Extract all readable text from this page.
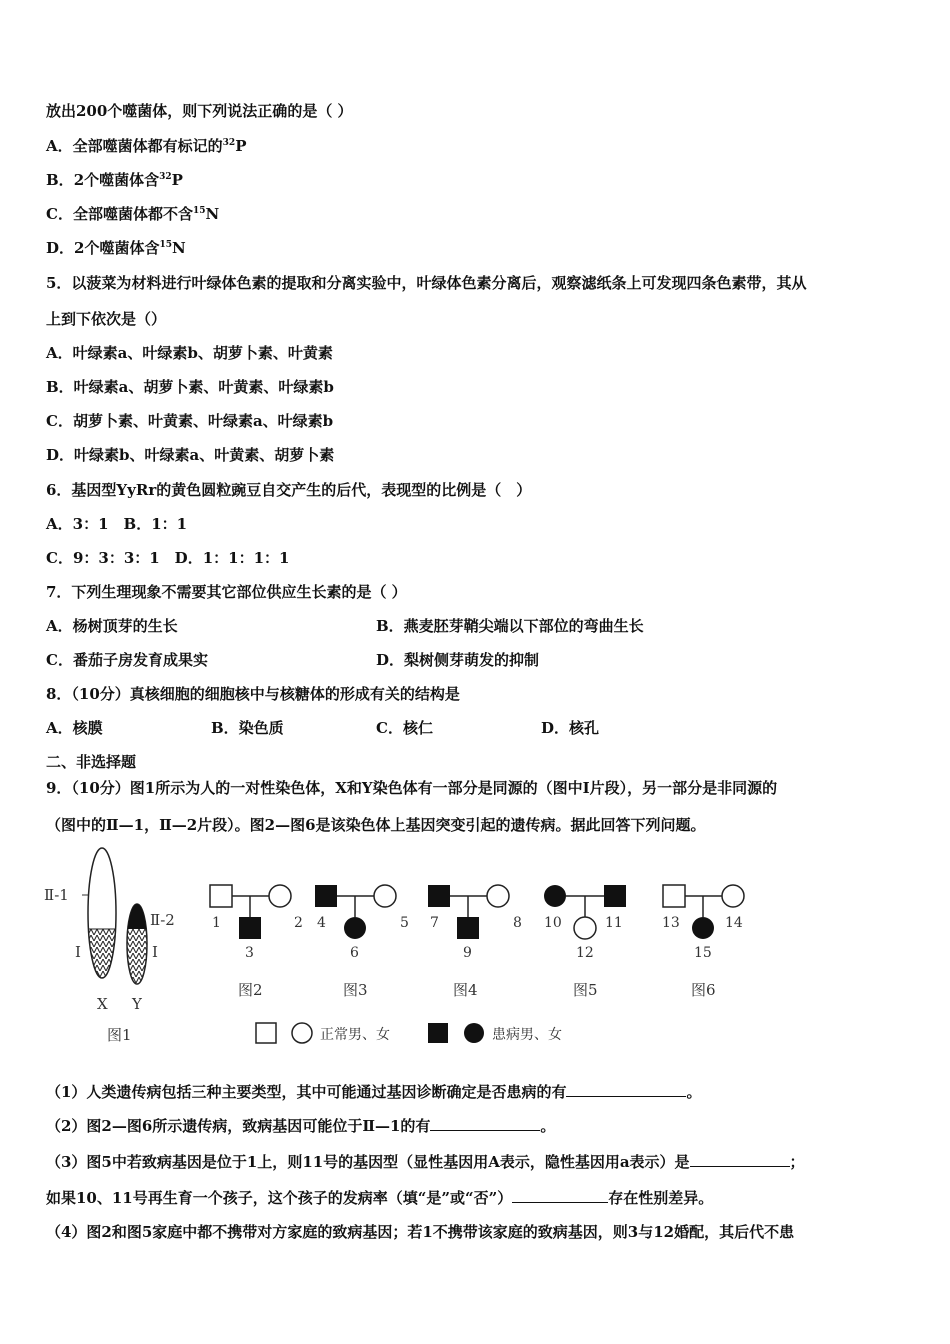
放出200个噬菌体，则下列说法正确的是（ ）
A．全部噬菌体都有标记的$^{32}$P
B．2个噬菌体含$^{32}$P
C．全部噬菌体都不含$^{15}$N
D．2个噬菌体含$^{15}$N
5．以菠菜为材料进行叶绿体色素的提取和分离实验中，叶绿体色素分离后，观察滤纸条上可发现四条色素带，其从
上到下依次是（）
A．叶绿素a、叶绿素b、胡萝卜素、叶黄素
B．叶绿素a、胡萝卜素、叶黄素、叶绿素b
C．胡萝卜素、叶黄素、叶绿素a、叶绿素b
D．叶绿素b、叶绿素a、叶黄素、胡萝卜素
6．基因型YyRr的黄色圆粒豌豆自交产生的后代，表现型的比例是（　）
A．3：1　B．1：1
C．9：3：3：1　D．1：1：1：1
7．下列生理现象不需要其它部位供应生长素的是（ ）
A．杨树顶芽的生长	B．燕麦胚芽鞘尖端以下部位的弯曲生长
C．番茄子房发育成果实	D．梨树侧芽萌发的抑制
8．（10分）真核细胞的细胞核中与核糖体的形成有关的结构是
A．核膜	B．染色质	C．核仁	D．核孔
二、非选择题
9．（10分）图1所示为人的一对性染色体，X和Y染色体有一部分是同源的（图中Ⅰ片段），另一部分是非同源的
（图中的Ⅱ—1，Ⅱ—2片段）。图2—图6是该染色体上基因突变引起的遗传病。据此回答下列问题。
Ⅱ-1
Ⅱ-2
Ⅰ	Ⅰ
X Y
图1
1	2
3
图2
4	5
6
图3
7	8
9
图4
10	11
12
图5
13	14
15
图6
正常男、女	患病男、女
（1）人类遗传病包括三种主要类型，其中可能通过基因诊断确定是否患病的有	。
（2）图2—图6所示遗传病，致病基因可能位于Ⅱ—1的有	。
（3）图5中若致病基因是位于1上，则11号的基因型（显性基因用A表示，隐性基因用a表示）是	；
如果10、11号再生育一个孩子，这个孩子的发病率（填“是”或“否”）	存在性别差异。
（4）图2和图5家庭中都不携带对方家庭的致病基因；若1不携带该家庭的致病基因，则3与12婚配，其后代不患
